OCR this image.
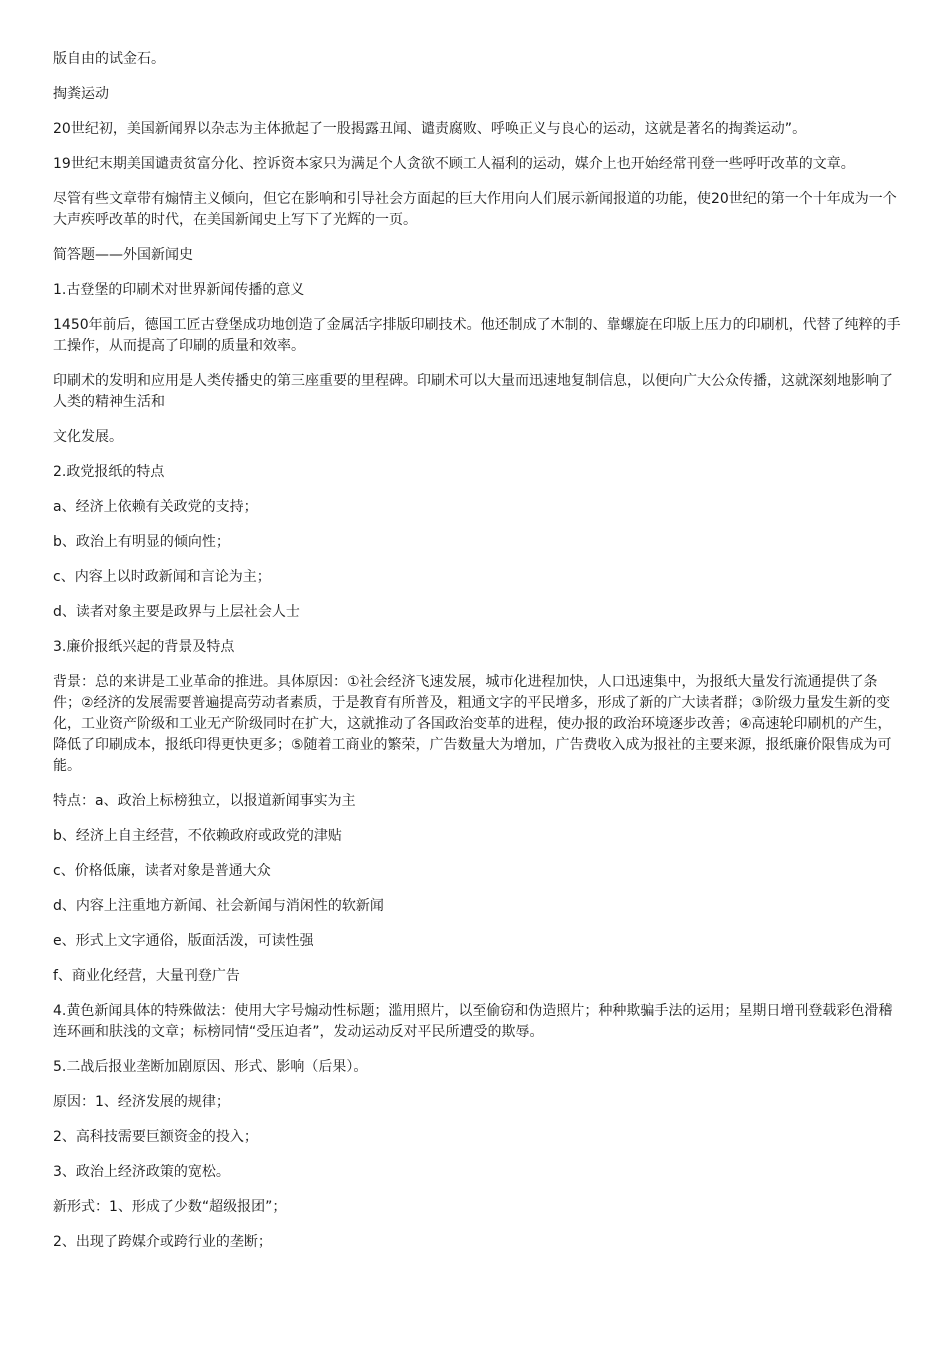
版自由的试金石。

掏粪运动

20世纪初，美国新闻界以杂志为主体掀起了一股揭露丑闻、谴责腐败、呼唤正义与良心的运动，这就是著名的掏粪运动”。

19世纪末期美国谴责贫富分化、控诉资本家只为满足个人贪欲不顾工人福利的运动，媒介上也开始经常刊登一些呼吁改革的文章。

尽管有些文章带有煽情主义倾向，但它在影响和引导社会方面起的巨大作用向人们展示新闻报道的功能，使20世纪的第一个十年成为一个大声疾呼改革的时代，在美国新闻史上写下了光辉的一页。

简答题——外国新闻史

1.古登堡的印刷术对世界新闻传播的意义

1450年前后，德国工匠古登堡成功地创造了金属活字排版印刷技术。他还制成了木制的、靠螺旋在印版上压力的印刷机，代替了纯粹的手工操作，从而提高了印刷的质量和效率。

印刷术的发明和应用是人类传播史的第三座重要的里程碑。印刷术可以大量而迅速地复制信息，以便向广大公众传播，这就深刻地影响了人类的精神生活和

文化发展。

2.政党报纸的特点

a、经济上依赖有关政党的支持；

b、政治上有明显的倾向性；

c、内容上以时政新闻和言论为主；

d、读者对象主要是政界与上层社会人士

3.廉价报纸兴起的背景及特点

背景：总的来讲是工业革命的推进。具体原因：①社会经济飞速发展，城市化进程加快，人口迅速集中，为报纸大量发行流通提供了条件；②经济的发展需要普遍提高劳动者素质，于是教育有所普及，粗通文字的平民增多，形成了新的广大读者群；③阶级力量发生新的变化，工业资产阶级和工业无产阶级同时在扩大，这就推动了各国政治变革的进程，使办报的政治环境逐步改善；④高速轮印刷机的产生，降低了印刷成本，报纸印得更快更多；⑤随着工商业的繁荣，广告数量大为增加，广告费收入成为报社的主要来源，报纸廉价限售成为可能。

特点：a、政治上标榜独立，以报道新闻事实为主

b、经济上自主经营，不依赖政府或政党的津贴

c、价格低廉，读者对象是普通大众

d、内容上注重地方新闻、社会新闻与消闲性的软新闻

e、形式上文字通俗，版面活泼，可读性强

f、商业化经营，大量刊登广告

4.黄色新闻具体的特殊做法：使用大字号煽动性标题；滥用照片，以至偷窃和伪造照片；种种欺骗手法的运用；星期日增刊登载彩色滑稽连环画和肤浅的文章；标榜同情“受压迫者”，发动运动反对平民所遭受的欺辱。

5.二战后报业垄断加剧原因、形式、影响（后果）。

原因：1、经济发展的规律；

2、高科技需要巨额资金的投入；

3、政治上经济政策的宽松。

新形式：1、形成了少数“超级报团”；

2、出现了跨媒介或跨行业的垄断；
